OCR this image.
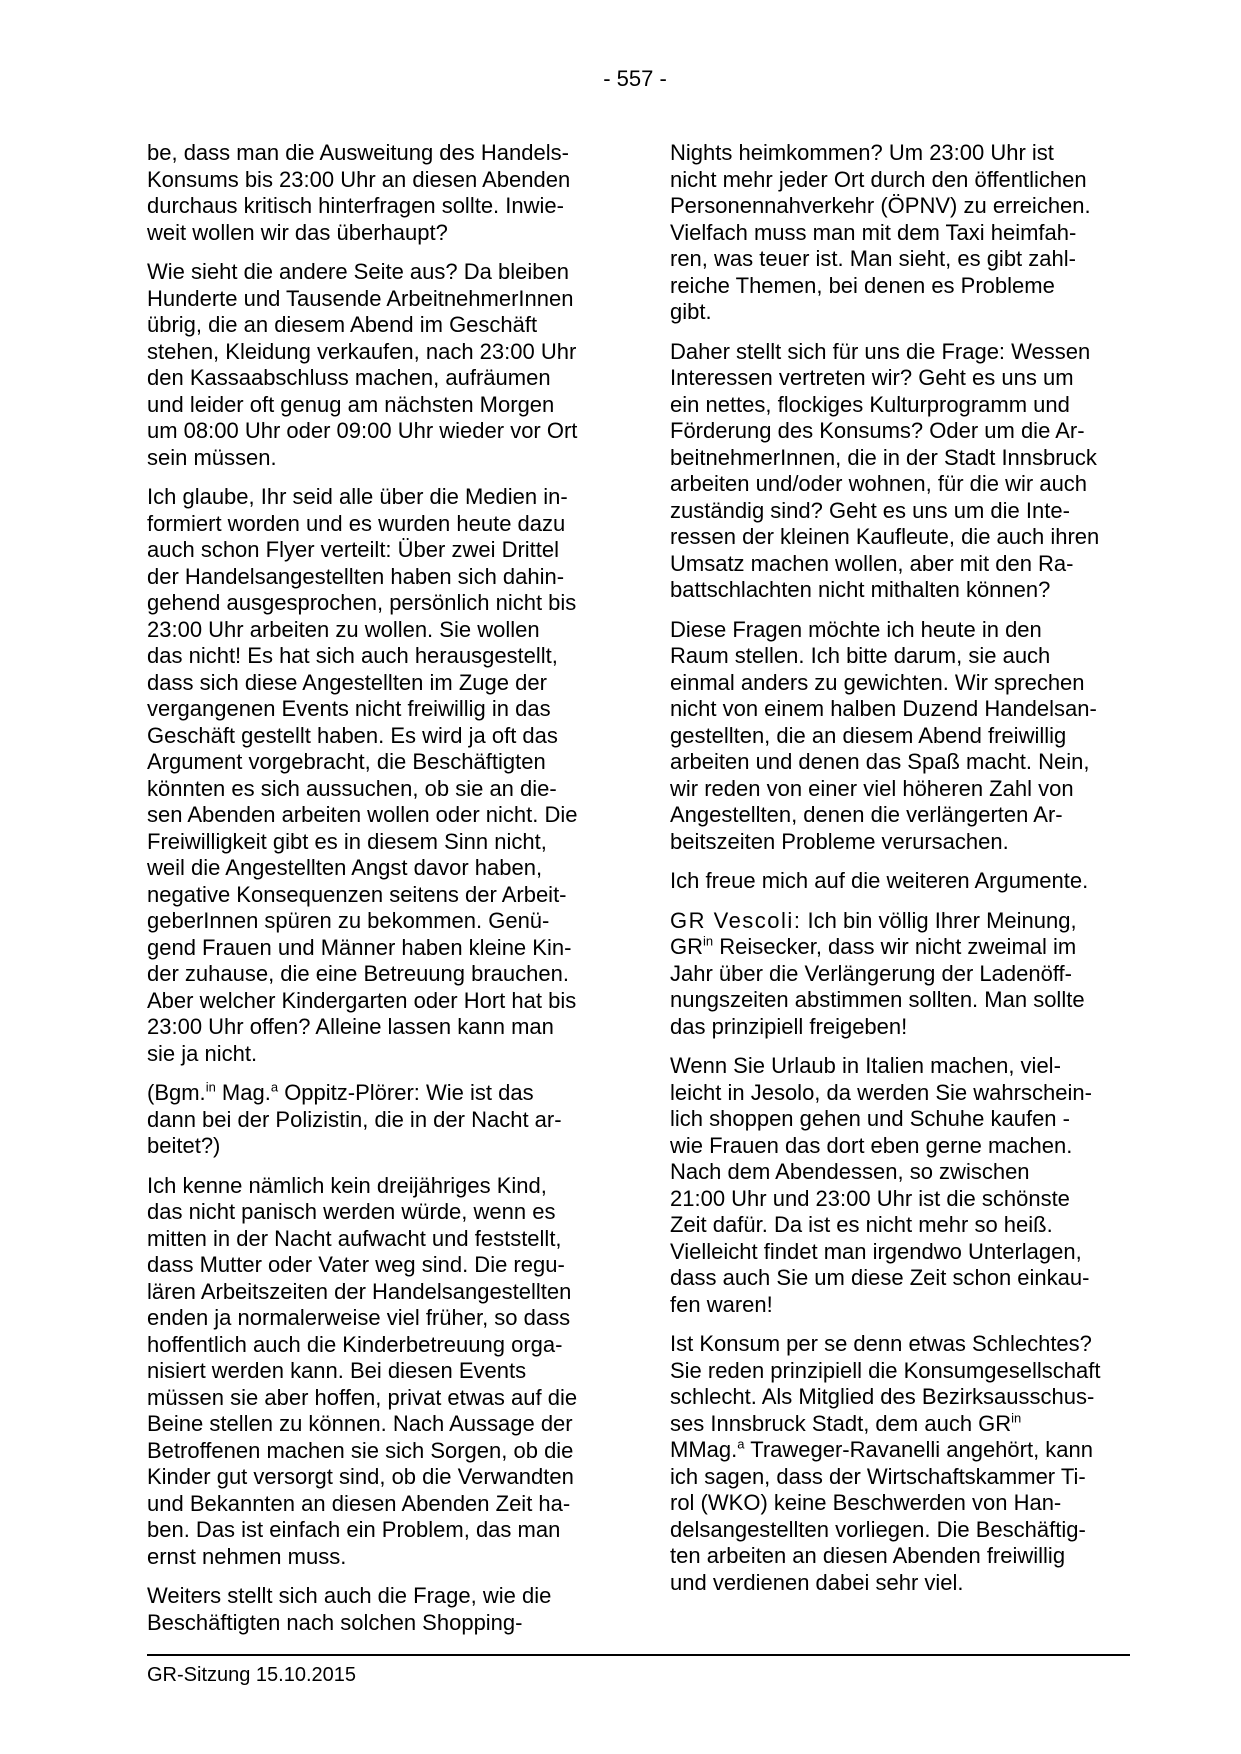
- 557 -

be, dass man die Ausweitung des Handels-
Konsums bis 23:00 Uhr an diesen Abenden
durchaus kritisch hinterfragen sollte. Inwie-
weit wollen wir das überhaupt?

Wie sieht die andere Seite aus? Da bleiben
Hunderte und Tausende ArbeitnehmerInnen
übrig, die an diesem Abend im Geschäft
stehen, Kleidung verkaufen, nach 23:00 Uhr
den Kassaabschluss machen, aufräumen
und leider oft genug am nächsten Morgen
um 08:00 Uhr oder 09:00 Uhr wieder vor Ort
sein müssen.

Ich glaube, Ihr seid alle über die Medien in-
formiert worden und es wurden heute dazu
auch schon Flyer verteilt: Über zwei Drittel
der Handelsangestellten haben sich dahin-
gehend ausgesprochen, persönlich nicht bis
23:00 Uhr arbeiten zu wollen. Sie wollen
das nicht! Es hat sich auch herausgestellt,
dass sich diese Angestellten im Zuge der
vergangenen Events nicht freiwillig in das
Geschäft gestellt haben. Es wird ja oft das
Argument vorgebracht, die Beschäftigten
könnten es sich aussuchen, ob sie an die-
sen Abenden arbeiten wollen oder nicht. Die
Freiwilligkeit gibt es in diesem Sinn nicht,
weil die Angestellten Angst davor haben,
negative Konsequenzen seitens der Arbeit-
geberInnen spüren zu bekommen. Genü-
gend Frauen und Männer haben kleine Kin-
der zuhause, die eine Betreuung brauchen.
Aber welcher Kindergarten oder Hort hat bis
23:00 Uhr offen? Alleine lassen kann man
sie ja nicht.

(Bgm.$^{in}$ Mag.$^a$ Oppitz-Plörer: Wie ist das
dann bei der Polizistin, die in der Nacht ar-
beitet?)

Ich kenne nämlich kein dreijähriges Kind,
das nicht panisch werden würde, wenn es
mitten in der Nacht aufwacht und feststellt,
dass Mutter oder Vater weg sind. Die regu-
lären Arbeitszeiten der Handelsangestellten
enden ja normalerweise viel früher, so dass
hoffentlich auch die Kinderbetreuung orga-
nisiert werden kann. Bei diesen Events
müssen sie aber hoffen, privat etwas auf die
Beine stellen zu können. Nach Aussage der
Betroffenen machen sie sich Sorgen, ob die
Kinder gut versorgt sind, ob die Verwandten
und Bekannten an diesen Abenden Zeit ha-
ben. Das ist einfach ein Problem, das man
ernst nehmen muss.

Weiters stellt sich auch die Frage, wie die
Beschäftigten nach solchen Shopping-

Nights heimkommen? Um 23:00 Uhr ist
nicht mehr jeder Ort durch den öffentlichen
Personennahverkehr (ÖPNV) zu erreichen.
Vielfach muss man mit dem Taxi heimfah-
ren, was teuer ist. Man sieht, es gibt zahl-
reiche Themen, bei denen es Probleme
gibt.

Daher stellt sich für uns die Frage: Wessen
Interessen vertreten wir? Geht es uns um
ein nettes, flockiges Kulturprogramm und
Förderung des Konsums? Oder um die Ar-
beitnehmerInnen, die in der Stadt Innsbruck
arbeiten und/oder wohnen, für die wir auch
zuständig sind? Geht es uns um die Inte-
ressen der kleinen Kaufleute, die auch ihren
Umsatz machen wollen, aber mit den Ra-
battschlachten nicht mithalten können?

Diese Fragen möchte ich heute in den
Raum stellen. Ich bitte darum, sie auch
einmal anders zu gewichten. Wir sprechen
nicht von einem halben Duzend Handelsan-
gestellten, die an diesem Abend freiwillig
arbeiten und denen das Spaß macht. Nein,
wir reden von einer viel höheren Zahl von
Angestellten, denen die verlängerten Ar-
beitszeiten Probleme verursachen.

Ich freue mich auf die weiteren Argumente.

GR Vescoli: Ich bin völlig Ihrer Meinung,
$GR^{in}$ Reisecker, dass wir nicht zweimal im
Jahr über die Verlängerung der Ladenöff-
nungszeiten abstimmen sollten. Man sollte
das prinzipiell freigeben!

Wenn Sie Urlaub in Italien machen, viel-
leicht in Jesolo, da werden Sie wahrschein-
lich shoppen gehen und Schuhe kaufen -
wie Frauen das dort eben gerne machen.
Nach dem Abendessen, so zwischen
21:00 Uhr und 23:00 Uhr ist die schönste
Zeit dafür. Da ist es nicht mehr so heiß.
Vielleicht findet man irgendwo Unterlagen,
dass auch Sie um diese Zeit schon einkau-
fen waren!

Ist Konsum per se denn etwas Schlechtes?
Sie reden prinzipiell die Konsumgesellschaft
schlecht. Als Mitglied des Bezirksausschus-
ses Innsbruck Stadt, dem auch $GR^{in}$
MMag.$^a$ Traweger-Ravanelli angehört, kann
ich sagen, dass der Wirtschaftskammer Ti-
rol (WKO) keine Beschwerden von Han-
delsangestellten vorliegen. Die Beschäftig-
ten arbeiten an diesen Abenden freiwillig
und verdienen dabei sehr viel.

GR-Sitzung 15.10.2015
